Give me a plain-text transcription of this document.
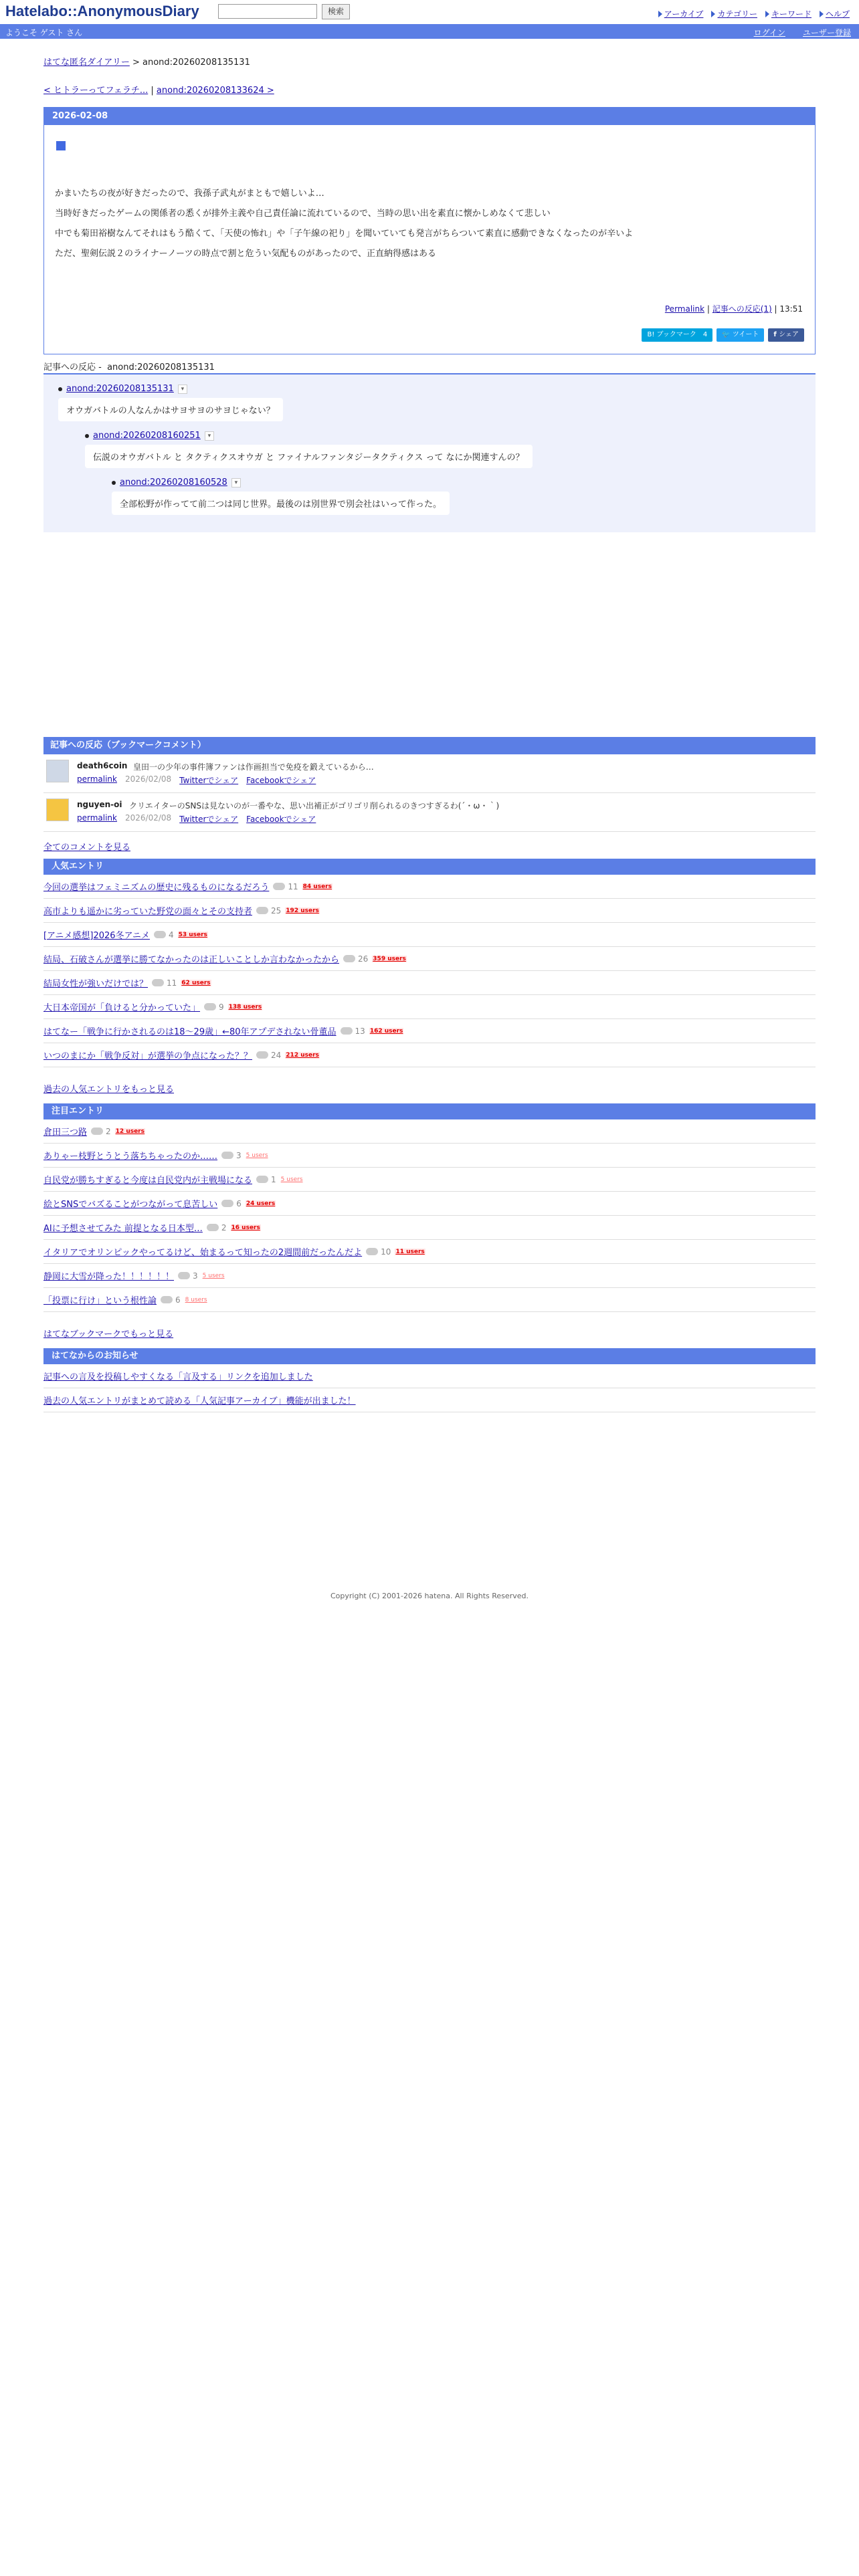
Hatelabo::AnonymousDiary	検索	アーカイブ カテゴリー キーワード ヘルプ
ようこそ ゲスト さん	ログイン ユーザー登録
はてな匿名ダイアリー > anond:20260208135131
< ヒトラーってフェラチ... | anond:20260208133624 >
2026-02-08
かまいたちの夜が好きだったので、我孫子武丸がまともで嬉しいよ…
当時好きだったゲームの関係者の悉くが排外主義や自己責任論に流れているので、当時の思い出を素直に懐かしめなくて悲しい
中でも菊田裕樹なんてそれはもう酷くて、「天使の怖れ」や「子午線の祀り」を聞いていても発言がちらついて素直に感動できなくなったのが辛いよ
ただ、聖剣伝説２のライナーノーツの時点で割と危うい気配ものがあったので、正直納得感はある
Permalink | 記事への反応(1) | 13:51
B! ブックマーク　4	🐦 ツイート	f シェア
記事への反応 -  anond:20260208135131
anond:20260208135131	▾
オウガバトルの人なんかはサヨサヨのサヨじゃない？
anond:20260208160251	▾
伝説のオウガバトル と タクティクスオウガ と ファイナルファンタジータクティクス って なにか関連すんの？
anond:20260208160528	▾
全部松野が作ってて前二つは同じ世界。最後のは別世界で別会社はいって作った。
記事への反応（ブックマークコメント）
death6coin 皇田一の少年の事件簿ファンは作画担当で免疫を鍛えているから…
permalink 2026/02/08 Twitterでシェア Facebookでシェア
nguyen-oi クリエイターのSNSは見ないのが一番やな、思い出補正がゴリゴリ削られるのきつすぎるわ(´・ω・｀)
permalink 2026/02/08 Twitterでシェア Facebookでシェア
全てのコメントを見る
人気エントリ
今回の選挙はフェミニズムの歴史に残るものになるだろう 11 84 users
高市よりも遥かに劣っていた野党の面々とその支持者 25 192 users
[アニメ感想]2026冬アニメ 4 53 users
結局、石破さんが選挙に勝てなかったのは正しいことしか言わなかったから 26 359 users
結局女性が強いだけでは？ 11 62 users
大日本帝国が「負けると分かっていた」 9 138 users
はてなー「戦争に行かされるのは18〜29歳」←80年アプデされない骨董品 13 162 users
いつのまにか「戦争反対」が選挙の争点になった？？ 24 212 users
過去の人気エントリをもっと見る
注目エントリ
倉田三つ路 2 12 users
ありゃー枝野とうとう落ちちゃったのか…… 3 5 users
自民党が勝ちすぎると今度は自民党内が主戦場になる 1 5 users
絵とSNSでバズることがつながって息苦しい 6 24 users
AIに予想させてみた 前提となる日本型… 2 16 users
イタリアでオリンピックやってるけど、始まるって知ったの2週間前だったんだよ 10 11 users
静岡に大雪が降った！！！！！！ 3 5 users
「投票に行け」という根性論 6 8 users
はてなブックマークでもっと見る
はてなからのお知らせ
記事への言及を投稿しやすくなる「言及する」リンクを追加しました
過去の人気エントリがまとめて読める「人気記事アーカイブ」機能が出ました！
Copyright (C) 2001-2026 hatena. All Rights Reserved.
